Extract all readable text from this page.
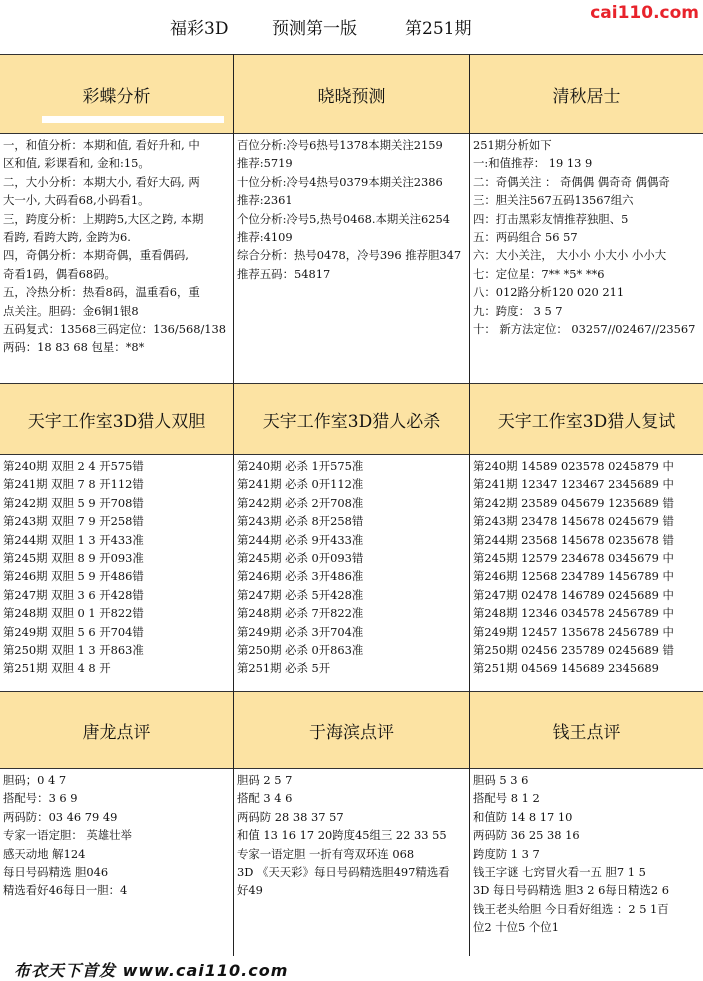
福彩3D	预测第一版	第251期
cai110.com
彩蝶分析
一，和值分析：本期和值, 看好升和, 中
区和值, 彩课看和, 金和:15。
二，大小分析：本期大小, 看好大码, 两
大一小, 大码看68,小码看1。
三，跨度分析：上期跨5,大区之跨, 本期
看跨, 看跨大跨, 金跨为6.
四，奇偶分析：本期奇偶，重看偶码,
奇看1码，偶看68码。
五，冷热分析：热看8码，温重看6，重
点关注。胆码：金6铜1银8
五码复式：13568三码定位：136/568/138
两码：18 83 68 包星：*8*
晓晓预测
百位分析:冷号6热号1378本期关注2159
推荐:5719
十位分析:冷号4热号0379本期关注2386
推荐:2361
个位分析:冷号5,热号0468.本期关注6254
推荐:4109
综合分析：热号0478，冷号396 推荐胆347
推荐五码：54817
清秋居士
251期分析如下
一:和值推荐： 19 13 9
二：奇偶关注 ： 奇偶偶 偶奇奇 偶偶奇
三：胆关注567五码13567组六
四：打击黑彩友情推荐独胆、5
五：两码组合 56 57
六：大小关注， 大小小 小大小 小小大
七：定位星：7** *5* **6
八：012路分析120 020 211
九：跨度： 3 5 7
十： 新方法定位： 03257//02467//23567
天宇工作室3D猎人双胆
第240期 双胆 2 4 开575错
第241期 双胆 7 8 开112错
第242期 双胆 5 9 开708错
第243期 双胆 7 9 开258错
第244期 双胆 1 3 开433准
第245期 双胆 8 9 开093准
第246期 双胆 5 9 开486错
第247期 双胆 3 6 开428错
第248期 双胆 0 1 开822错
第249期 双胆 5 6 开704错
第250期 双胆 1 3 开863准
第251期 双胆 4 8 开
天宇工作室3D猎人必杀
第240期 必杀 1开575准
第241期 必杀 0开112准
第242期 必杀 2开708准
第243期 必杀 8开258错
第244期 必杀 9开433准
第245期 必杀 0开093错
第246期 必杀 3开486准
第247期 必杀 5开428准
第248期 必杀 7开822准
第249期 必杀 3开704准
第250期 必杀 0开863准
第251期 必杀 5开
天宇工作室3D猎人复试
第240期 14589 023578 0245879 中
第241期 12347 123467 2345689 中
第242期 23589 045679 1235689 错
第243期 23478 145678 0245679 错
第244期 23568 145678 0235678 错
第245期 12579 234678 0345679 中
第246期 12568 234789 1456789 中
第247期 02478 146789 0245689 中
第248期 12346 034578 2456789 中
第249期 12457 135678 2456789 中
第250期 02456 235789 0245689 错
第251期 04569 145689 2345689
唐龙点评
胆码；0 4 7
搭配号：3 6 9
两码防：03 46 79 49
专家一语定胆： 英雄壮举
感天动地 解124
每日号码精选 胆046
精选看好46每日一胆：4
于海滨点评
胆码 2 5 7
搭配 3 4 6
两码防 28 38 37 57
和值 13 16 17 20跨度45组三 22 33 55
专家一语定胆 一折有弯双环连 068
3D 《天天彩》每日号码精选胆497精选看
好49
钱王点评
胆码 5 3 6
搭配号 8 1 2
和值防 14 8 17 10
两码防 36 25 38 16
跨度防 1 3 7
钱王字谜 七窍冒火看一五 胆7 1 5
3D 每日号码精选 胆3 2 6每日精选2 6
钱王老头给胆 今日看好组选 ：2 5 1百
位2 十位5 个位1
布衣天下首发 www.cai110.com
